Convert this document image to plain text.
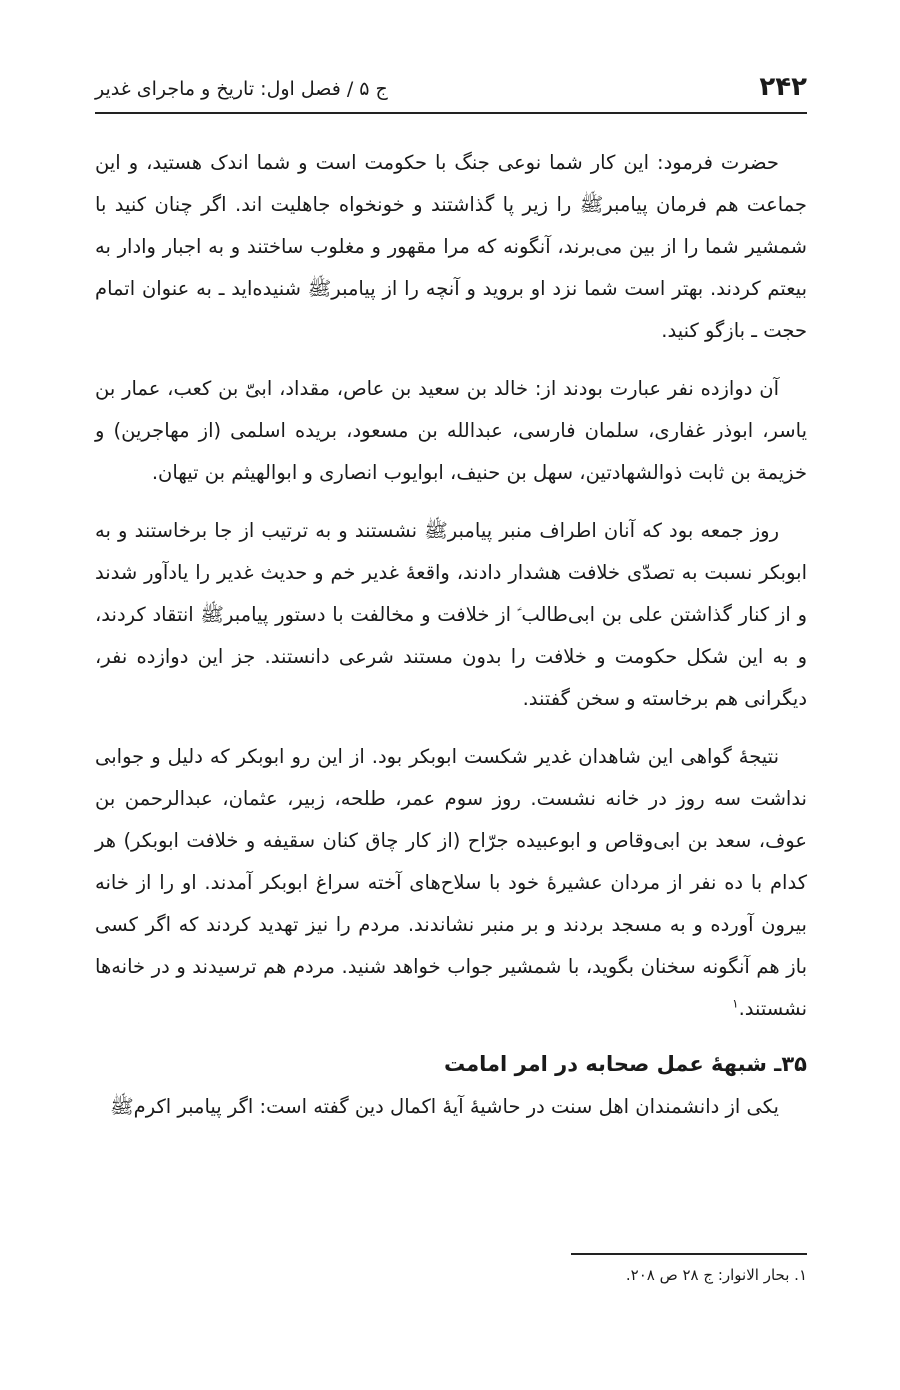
۲۴۲
ج ۵ / فصل اول: تاریخ و ماجرای غدیر

حضرت فرمود: این کار شما نوعی جنگ با حکومت است و شما اندک هستید، و این جماعت هم فرمان پیامبرﷺ را زیر پا گذاشتند و خونخواه جاهلیت اند. اگر چنان کنید با شمشیر شما را از بین می‌برند، آنگونه که مرا مقهور و مغلوب ساختند و به اجبار وادار به بیعتم کردند. بهتر است شما نزد او بروید و آنچه را از پیامبرﷺ شنیده‌اید ـ به عنوان اتمام حجت ـ بازگو کنید.

آن دوازده نفر عبارت بودند از: خالد بن سعید بن عاص، مقداد، ابیّ بن کعب، عمار بن یاسر، ابوذر غفاری، سلمان فارسی، عبدالله بن مسعود، بریده اسلمی (از مهاجرین) و خزیمة بن ثابت ذوالشهادتین، سهل بن حنیف، ابوایوب انصاری و ابوالهیثم بن تیهان.

روز جمعه بود که آنان اطراف منبر پیامبرﷺ نشستند و به ترتیب از جا برخاستند و به ابوبکر نسبت به تصدّی خلافت هشدار دادند، واقعهٔ غدیر خم و حدیث غدیر را یادآور شدند و از کنار گذاشتن علی بن ابی‌طالب ؑ از خلافت و مخالفت با دستور پیامبرﷺ انتقاد کردند، و به این شکل حکومت و خلافت را بدون مستند شرعی دانستند. جز این دوازده نفر، دیگرانی هم برخاسته و سخن گفتند.

نتیجهٔ گواهی این شاهدان غدیر شکست ابوبکر بود. از این رو ابوبکر که دلیل و جوابی نداشت سه روز در خانه نشست. روز سوم عمر، طلحه، زبیر، عثمان، عبدالرحمن بن عوف، سعد بن ابی‌وقاص و ابوعبیده جرّاح (از کار چاق کنان سقیفه و خلافت ابوبکر) هر کدام با ده نفر از مردان عشیرهٔ خود با سلاح‌های آخته سراغ ابوبکر آمدند. او را از خانه بیرون آورده و به مسجد بردند و بر منبر نشاندند. مردم را نیز تهدید کردند که اگر کسی باز هم آنگونه سخنان بگوید، با شمشیر جواب خواهد شنید. مردم هم ترسیدند و در خانه‌ها نشستند.$^۱$

۳۵ـ شبههٔ عمل صحابه در امر امامت

یکی از دانشمندان اهل سنت در حاشیهٔ آیهٔ اکمال دین گفته است: اگر پیامبر اکرمﷺ

۱. بحار الانوار: ج ۲۸ ص ۲۰۸.
